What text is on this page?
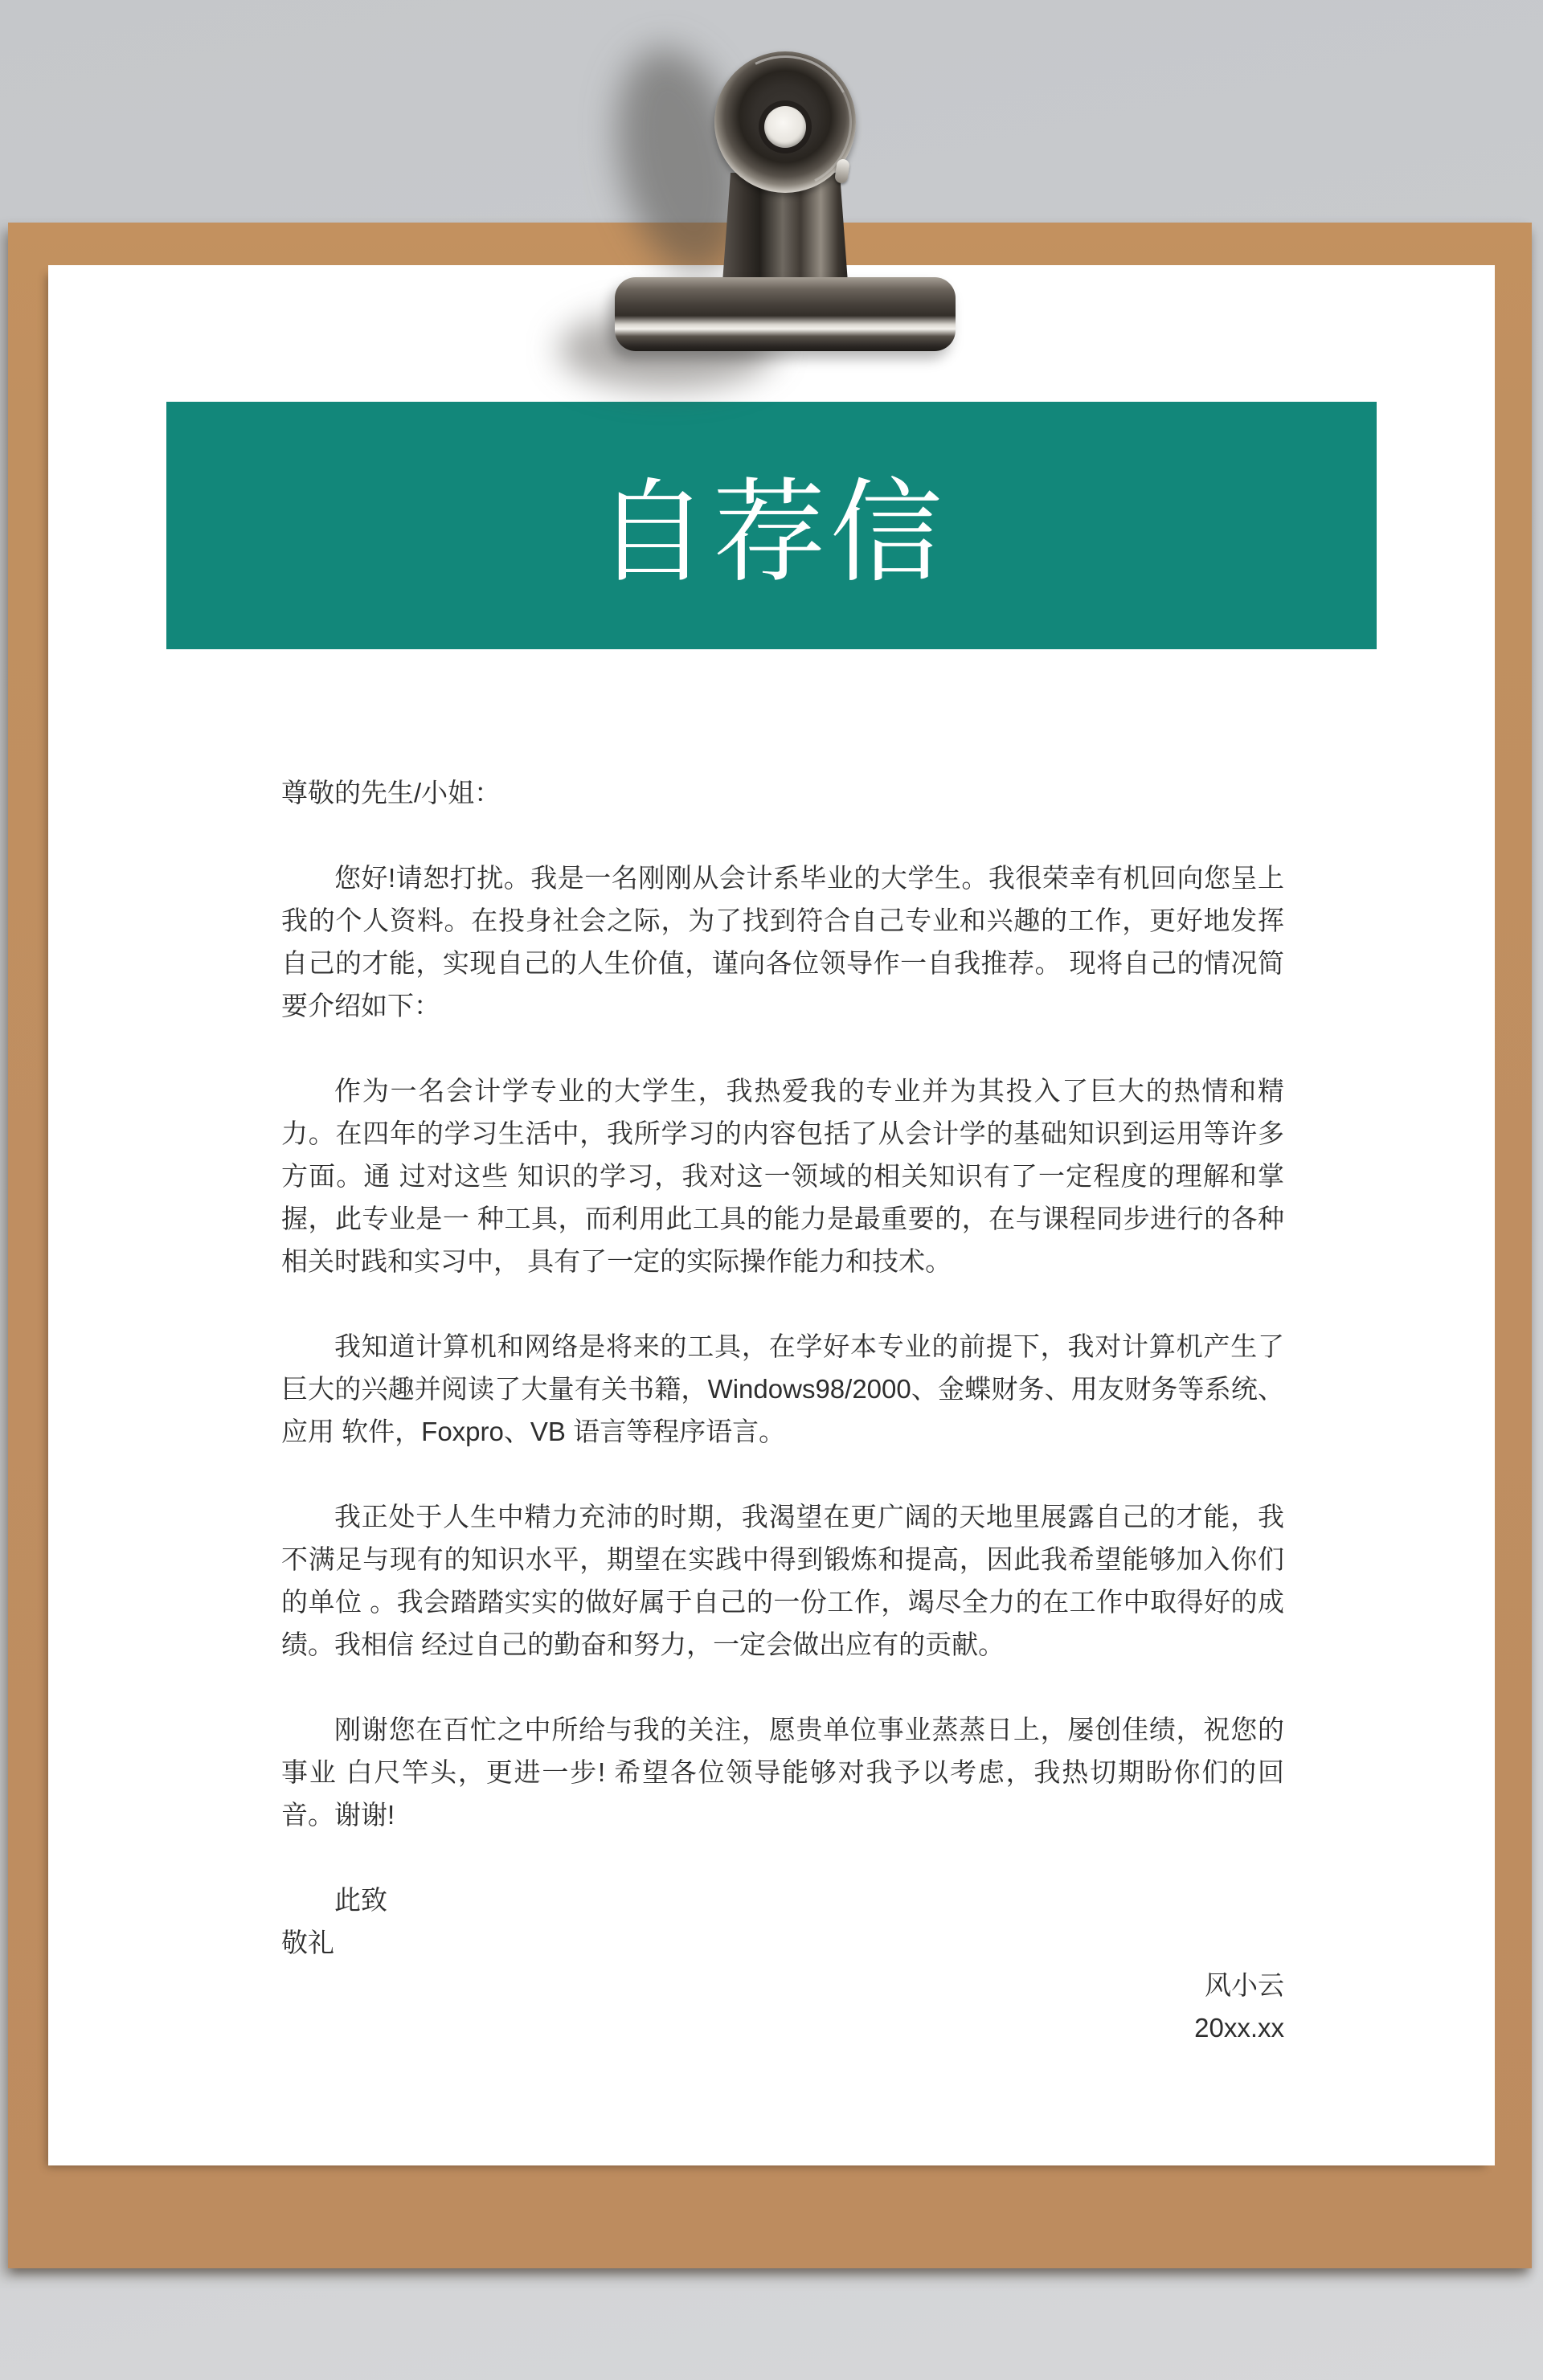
自荐信

尊敬的先生/小姐：

您好!请恕打扰。我是一名刚刚从会计系毕业的大学生。我很荣幸有机回向您呈上我的个人资料。在投身社会之际，为了找到符合自己专业和兴趣的工作，更好地发挥自己的才能，实现自己的人生价值，谨向各位领导作一自我推荐。 现将自己的情况简要介绍如下：

作为一名会计学专业的大学生，我热爱我的专业并为其投入了巨大的热情和精力。在四年的学习生活中，我所学习的内容包括了从会计学的基础知识到运用等许多方面。通 过对这些 知识的学习，我对这一领域的相关知识有了一定程度的理解和掌握，此专业是一 种工具，而利用此工具的能力是最重要的，在与课程同步进行的各种相关时践和实习中， 具有了一定的实际操作能力和技术。

我知道计算机和网络是将来的工具，在学好本专业的前提下，我对计算机产生了巨大的兴趣并阅读了大量有关书籍，Windows98/2000、金蝶财务、用友财务等系统、应用 软件，Foxpro、VB 语言等程序语言。

我正处于人生中精力充沛的时期，我渴望在更广阔的天地里展露自己的才能，我不满足与现有的知识水平，期望在实践中得到锻炼和提高，因此我希望能够加入你们的单位 。我会踏踏实实的做好属于自己的一份工作，竭尽全力的在工作中取得好的成绩。我相信 经过自己的勤奋和努力，一定会做出应有的贡献。

刚谢您在百忙之中所给与我的关注，愿贵单位事业蒸蒸日上，屡创佳绩，祝您的事业 白尺竿头，更进一步! 希望各位领导能够对我予以考虑，我热切期盼你们的回音。谢谢!

此致

敬礼

风小云

20xx.xx
